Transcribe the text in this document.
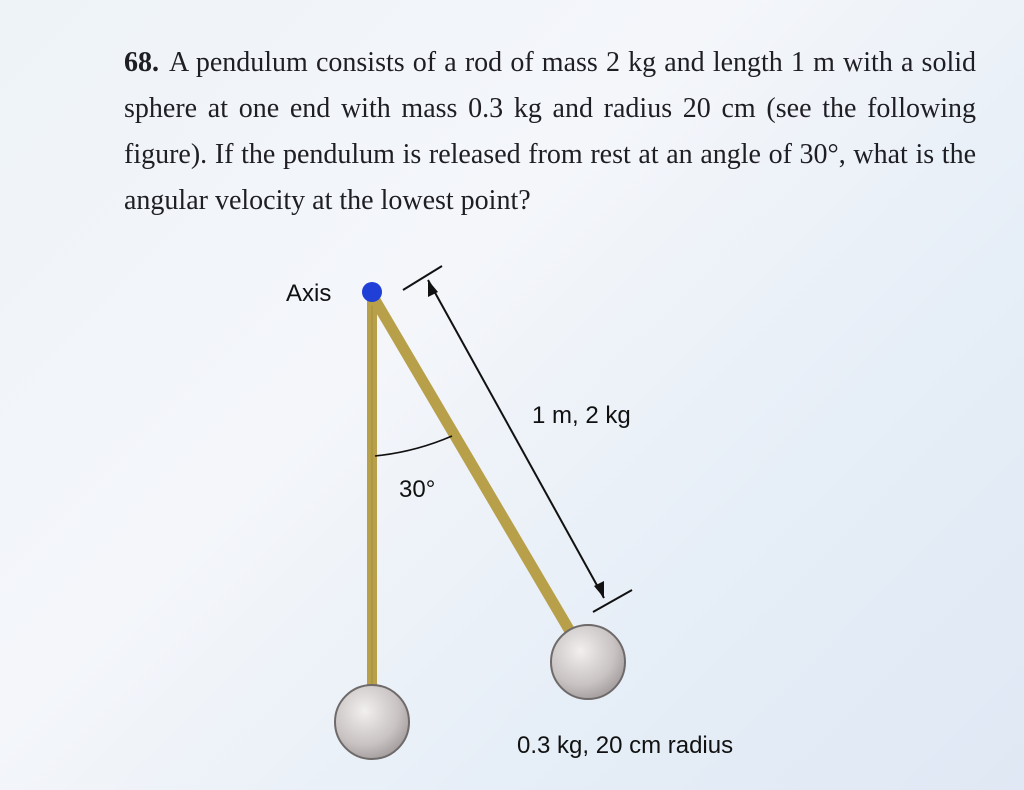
68. A pendulum consists of a rod of mass 2 kg and length 1 m with a solid sphere at one end with mass 0.3 kg and radius 20 cm (see the following figure). If the pendulum is released from rest at an angle of 30°, what is the angular velocity at the lowest point?
Axis
1 m, 2 kg
30°
0.3 kg, 20 cm radius
